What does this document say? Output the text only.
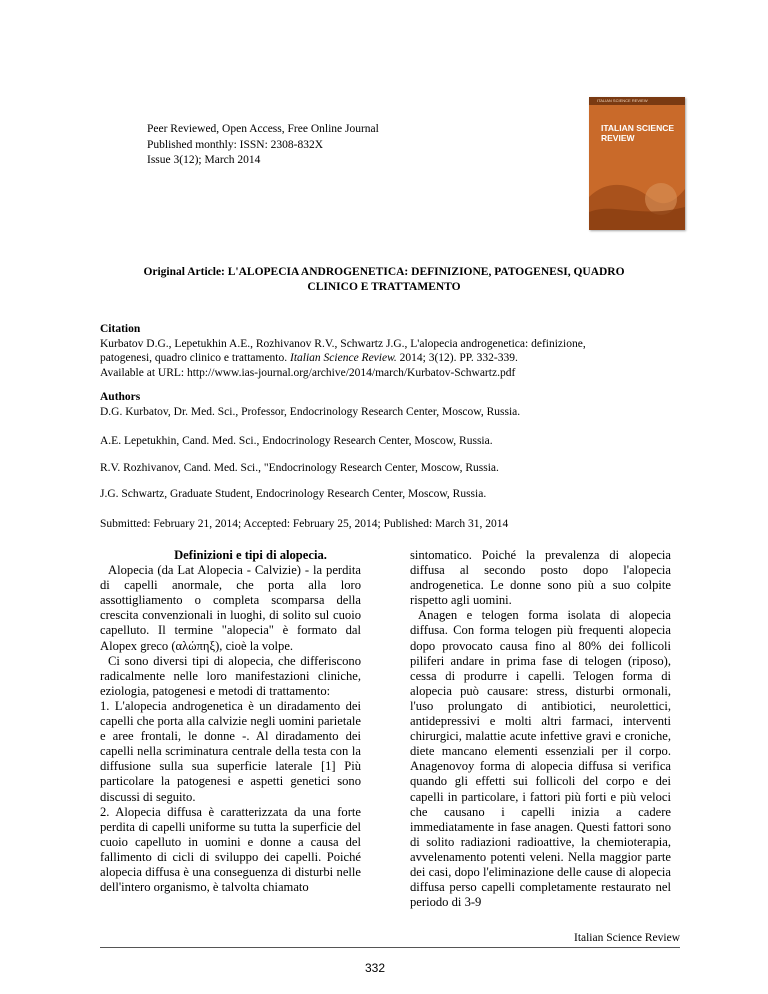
Peer Reviewed, Open Access, Free Online Journal
Published monthly: ISSN: 2308-832X
Issue 3(12); March 2014
ITALIAN SCIENCE REVIEW
ITALIAN SCIENCE
REVIEW
Original Article: L'ALOPECIA ANDROGENETICA: DEFINIZIONE, PATOGENESI, QUADRO
CLINICO E TRATTAMENTO
Citation
Kurbatov D.G., Lepetukhin A.E., Rozhivanov R.V., Schwartz J.G., L'alopecia androgenetica: definizione,
patogenesi, quadro clinico e trattamento. Italian Science Review. 2014; 3(12). PP. 332-339.
Available at URL: http://www.ias-journal.org/archive/2014/march/Kurbatov-Schwartz.pdf
Authors
D.G. Kurbatov, Dr. Med. Sci., Professor, Endocrinology Research Center, Moscow, Russia.
A.E. Lepetukhin, Cand. Med. Sci., Endocrinology Research Center, Moscow, Russia.

Definizioni e tipi di alopecia.

Alopecia (da Lat Alopecia - Calvizie) - la perdita di capelli anormale, che porta alla loro assottigliamento o completa scomparsa della crescita convenzionali in luoghi, di solito sul cuoio capelluto. Il termine "alopecia" è formato dal Alopex greco (αλώπηξ), cioè la volpe.

Ci sono diversi tipi di alopecia, che differiscono radicalmente nelle loro manifestazioni cliniche, eziologia, patogenesi e metodi di trattamento:

1. L'alopecia androgenetica è un diradamento dei capelli che porta alla calvizie negli uomini parietale e aree frontali, le donne -. Al diradamento dei capelli nella scriminatura centrale della testa con la diffusione sulla sua superficie laterale [1] Più particolare la patogenesi e aspetti genetici sono discussi di seguito.

2. Alopecia diffusa è caratterizzata da una forte perdita di capelli uniforme su tutta la superficie del cuoio capelluto in uomini e donne a causa del fallimento di cicli di sviluppo dei capelli. Poiché alopecia diffusa è una conseguenza di disturbi nelle dell'intero organismo, è talvolta chiamato

sintomatico. Poiché la prevalenza di alopecia diffusa al secondo posto dopo l'alopecia androgenetica. Le donne sono più a suo colpite rispetto agli uomini.

Anagen e telogen forma isolata di alopecia diffusa. Con forma telogen più frequenti alopecia dopo provocato causa fino al 80% dei follicoli piliferi andare in prima fase di telogen (riposo), cessa di produrre i capelli. Telogen forma di alopecia può causare: stress, disturbi ormonali, l'uso prolungato di antibiotici, neurolettici, antidepressivi e molti altri farmaci, interventi chirurgici, malattie acute infettive gravi e croniche, diete mancano elementi essenziali per il corpo. Anagenovoy forma di alopecia diffusa si verifica quando gli effetti sui follicoli del corpo e dei capelli in particolare, i fattori più forti e più veloci che causano i capelli inizia a cadere immediatamente in fase anagen. Questi fattori sono di solito radiazioni radioattive, la chemioterapia, avvelenamento potenti veleni. Nella maggior parte dei casi, dopo l'eliminazione delle cause di alopecia diffusa perso capelli completamente restaurato nel periodo di 3-9

Italian Science Review
332
R.V. Rozhivanov, Cand. Med. Sci., "Endocrinology Research Center, Moscow, Russia.
J.G. Schwartz, Graduate Student, Endocrinology Research Center, Moscow, Russia.
Submitted: February 21, 2014; Accepted: February 25, 2014; Published: March 31, 2014
